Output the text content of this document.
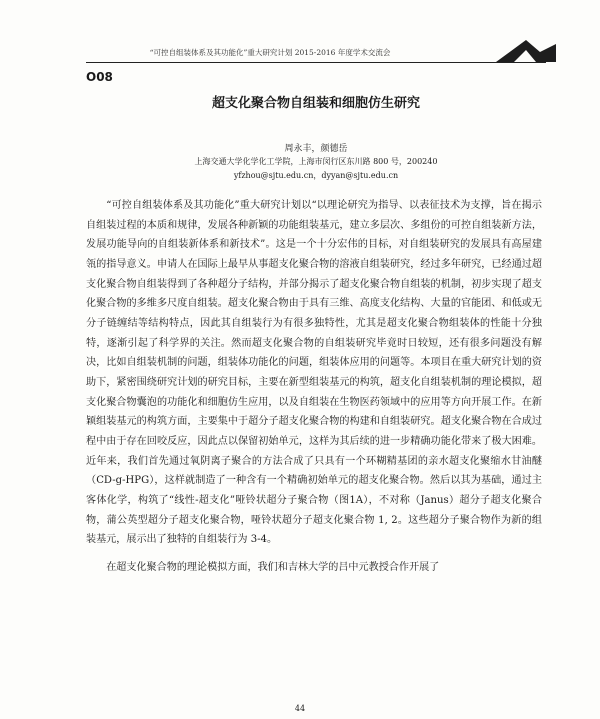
“可控自组装体系及其功能化”重大研究计划 2015-2016 年度学术交流会
O08
超支化聚合物自组装和细胞仿生研究
周永丰，颜德岳
上海交通大学化学化工学院，上海市闵行区东川路 800 号，200240
yfzhou@sjtu.edu.cn，dyyan@sjtu.edu.cn

“可控自组装体系及其功能化”重大研究计划以“以理论研究为指导、以表征技术为支撑，旨在揭示自组装过程的本质和规律，发展各种新颖的功能组装基元，建立多层次、多组份的可控自组装新方法，发展功能导向的自组装新体系和新技术”。这是一个十分宏伟的目标，对自组装研究的发展具有高屋建瓴的指导意义。申请人在国际上最早从事超支化聚合物的溶液自组装研究，经过多年研究，已经通过超支化聚合物自组装得到了各种超分子结构，并部分揭示了超支化聚合物自组装的机制，初步实现了超支化聚合物的多维多尺度自组装。超支化聚合物由于具有三维、高度支化结构、大量的官能团、和低或无分子链缠结等结构特点，因此其自组装行为有很多独特性，尤其是超支化聚合物组装体的性能十分独特，逐渐引起了科学界的关注。然而超支化聚合物的自组装研究毕竟时日较短，还有很多问题没有解决，比如自组装机制的问题，组装体功能化的问题，组装体应用的问题等。本项目在重大研究计划的资助下，紧密围绕研究计划的研究目标，主要在新型组装基元的构筑，超支化自组装机制的理论模拟，超支化聚合物囊泡的功能化和细胞仿生应用，以及自组装在生物医药领域中的应用等方向开展工作。在新颖组装基元的构筑方面，主要集中于超分子超支化聚合物的构建和自组装研究。超支化聚合物在合成过程中由于存在回咬反应，因此点以保留初始单元，这样为其后续的进一步精确功能化带来了极大困难。近年来，我们首先通过氧阴离子聚合的方法合成了只具有一个环糊精基团的亲水超支化聚缩水甘油醚（CD-g-HPG），这样就制造了一种含有一个精确初始单元的超支化聚合物。然后以其为基础，通过主客体化学，构筑了“线性-超支化”哑铃状超分子聚合物（图1A），不对称（Janus）超分子超支化聚合物，蒲公英型超分子超支化聚合物，哑铃状超分子超支化聚合物 1, 2。这些超分子聚合物作为新的组装基元，展示出了独特的自组装行为 3-4。

在超支化聚合物的理论模拟方面，我们和吉林大学的吕中元教授合作开展了

44
